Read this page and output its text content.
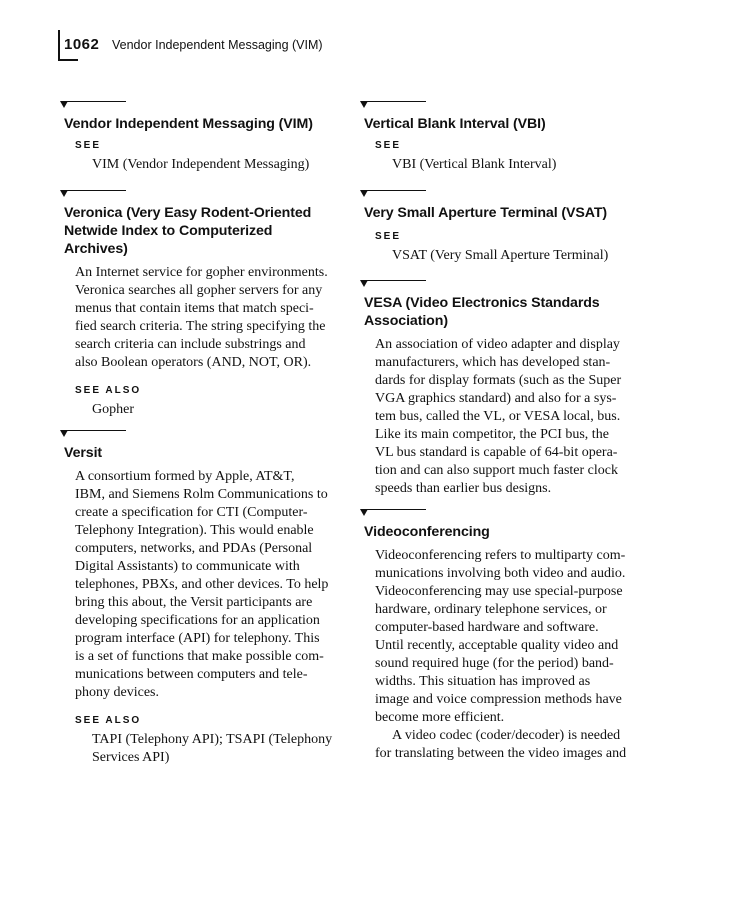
1062 Vendor Independent Messaging (VIM)
Vendor Independent Messaging (VIM)
SEE
VIM (Vendor Independent Messaging)
Veronica (Very Easy Rodent-Oriented
Netwide Index to Computerized
Archives)
An Internet service for gopher environments.
Veronica searches all gopher servers for any
menus that contain items that match speci-
fied search criteria. The string specifying the
search criteria can include substrings and
also Boolean operators (AND, NOT, OR).
SEE ALSO
Gopher
Versit
A consortium formed by Apple, AT&T,
IBM, and Siemens Rolm Communications to
create a specification for CTI (Computer-
Telephony Integration). This would enable
computers, networks, and PDAs (Personal
Digital Assistants) to communicate with
telephones, PBXs, and other devices. To help
bring this about, the Versit participants are
developing specifications for an application
program interface (API) for telephony. This
is a set of functions that make possible com-
munications between computers and tele-
phony devices.
SEE ALSO
TAPI (Telephony API); TSAPI (Telephony
Services API)
Vertical Blank Interval (VBI)
SEE
VBI (Vertical Blank Interval)
Very Small Aperture Terminal (VSAT)
SEE
VSAT (Very Small Aperture Terminal)
VESA (Video Electronics Standards
Association)
An association of video adapter and display
manufacturers, which has developed stan-
dards for display formats (such as the Super
VGA graphics standard) and also for a sys-
tem bus, called the VL, or VESA local, bus.
Like its main competitor, the PCI bus, the
VL bus standard is capable of 64-bit opera-
tion and can also support much faster clock
speeds than earlier bus designs.
Videoconferencing
Videoconferencing refers to multiparty com-
munications involving both video and audio.
Videoconferencing may use special-purpose
hardware, ordinary telephone services, or
computer-based hardware and software.
Until recently, acceptable quality video and
sound required huge (for the period) band-
widths. This situation has improved as
image and voice compression methods have
become more efficient.
A video codec (coder/decoder) is needed
for translating between the video images and
